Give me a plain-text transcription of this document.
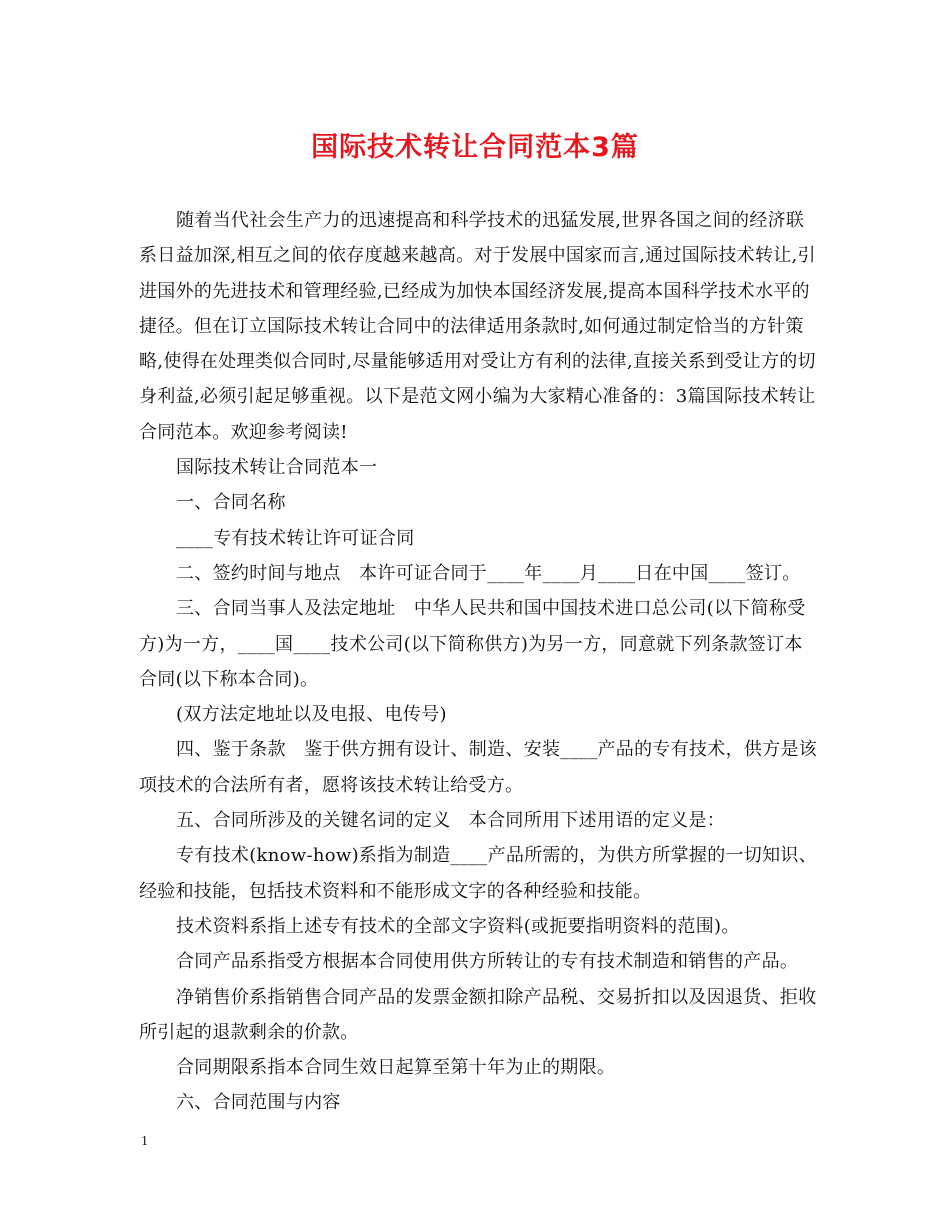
国际技术转让合同范本3篇

随着当代社会生产力的迅速提高和科学技术的迅猛发展,世界各国之间的经济联系日益加深,相互之间的依存度越来越高。对于发展中国家而言,通过国际技术转让,引进国外的先进技术和管理经验,已经成为加快本国经济发展,提高本国科学技术水平的捷径。但在订立国际技术转让合同中的法律适用条款时,如何通过制定恰当的方针策略,使得在处理类似合同时,尽量能够适用对受让方有利的法律,直接关系到受让方的切身利益,必须引起足够重视。以下是范文网小编为大家精心准备的：3篇国际技术转让合同范本。欢迎参考阅读!

国际技术转让合同范本一

一、合同名称

____专有技术转让许可证合同

二、签约时间与地点　本许可证合同于____年____月____日在中国____签订。

三、合同当事人及法定地址　中华人民共和国中国技术进口总公司(以下简称受方)为一方，____国____技术公司(以下简称供方)为另一方，同意就下列条款签订本合同(以下称本合同)。

(双方法定地址以及电报、电传号)

四、鉴于条款　鉴于供方拥有设计、制造、安装____产品的专有技术，供方是该项技术的合法所有者，愿将该技术转让给受方。

五、合同所涉及的关键名词的定义　本合同所用下述用语的定义是：

专有技术(know-how)系指为制造____产品所需的，为供方所掌握的一切知识、经验和技能，包括技术资料和不能形成文字的各种经验和技能。

技术资料系指上述专有技术的全部文字资料(或扼要指明资料的范围)。

合同产品系指受方根据本合同使用供方所转让的专有技术制造和销售的产品。

净销售价系指销售合同产品的发票金额扣除产品税、交易折扣以及因退货、拒收所引起的退款剩余的价款。

合同期限系指本合同生效日起算至第十年为止的期限。

六、合同范围与内容

1
